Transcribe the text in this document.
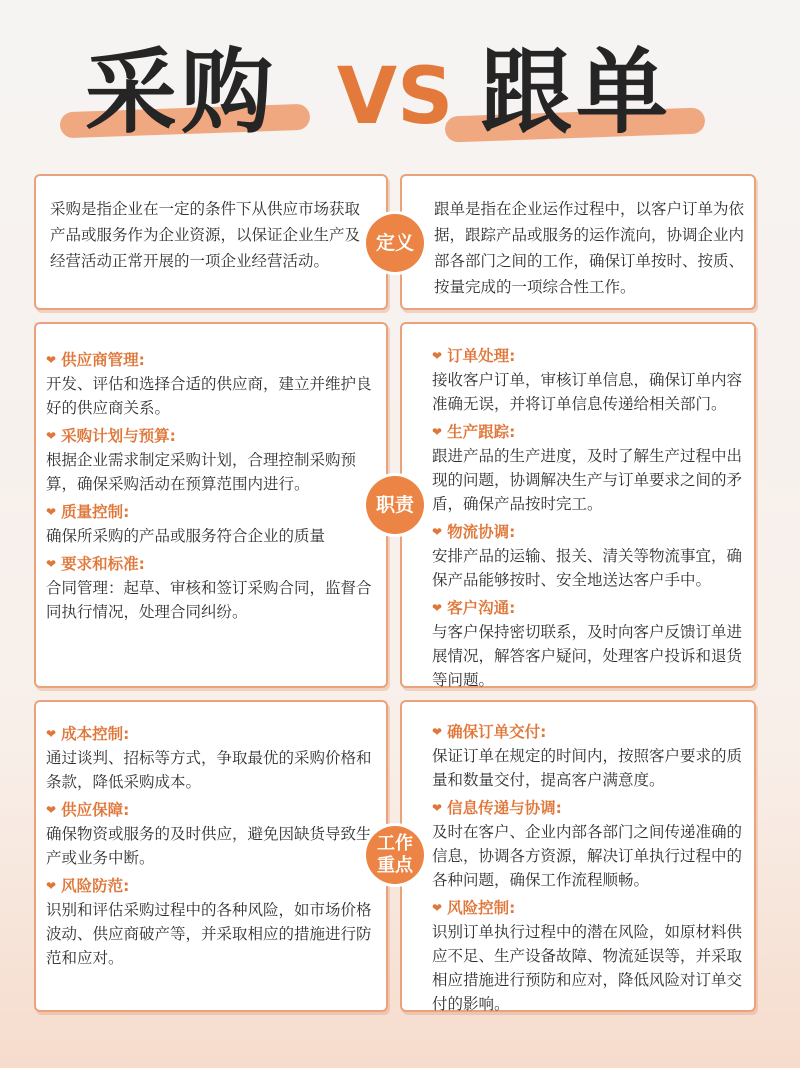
采购 VS 跟单
采购是指企业在一定的条件下从供应市场获取产品或服务作为企业资源，以保证企业生产及经营活动正常开展的一项企业经营活动。
跟单是指在企业运作过程中，以客户订单为依据，跟踪产品或服务的运作流向，协调企业内部各部门之间的工作，确保订单按时、按质、按量完成的一项综合性工作。
定义
❤ 供应商管理:
开发、评估和选择合适的供应商，建立并维护良好的供应商关系。
❤ 采购计划与预算:
根据企业需求制定采购计划，合理控制采购预算，确保采购活动在预算范围内进行。
❤ 质量控制:
确保所采购的产品或服务符合企业的质量
❤ 要求和标准:
合同管理：起草、审核和签订采购合同，监督合同执行情况，处理合同纠纷。
❤ 订单处理:
接收客户订单，审核订单信息，确保订单内容准确无误，并将订单信息传递给相关部门。
❤ 生产跟踪:
跟进产品的生产进度，及时了解生产过程中出现的问题，协调解决生产与订单要求之间的矛盾，确保产品按时完工。
❤ 物流协调:
安排产品的运输、报关、清关等物流事宜，确保产品能够按时、安全地送达客户手中。
❤ 客户沟通:
与客户保持密切联系，及时向客户反馈订单进展情况，解答客户疑问，处理客户投诉和退货等问题。
职责
❤ 成本控制:
通过谈判、招标等方式，争取最优的采购价格和条款，降低采购成本。
❤ 供应保障:
确保物资或服务的及时供应，避免因缺货导致生产或业务中断。
❤ 风险防范:
识别和评估采购过程中的各种风险，如市场价格波动、供应商破产等，并采取相应的措施进行防范和应对。
❤ 确保订单交付:
保证订单在规定的时间内，按照客户要求的质量和数量交付，提高客户满意度。
❤ 信息传递与协调:
及时在客户、企业内部各部门之间传递准确的信息，协调各方资源，解决订单执行过程中的各种问题，确保工作流程顺畅。
❤ 风险控制:
识别订单执行过程中的潜在风险，如原材料供应不足、生产设备故障、物流延误等，并采取相应措施进行预防和应对，降低风险对订单交付的影响。
工作
重点
